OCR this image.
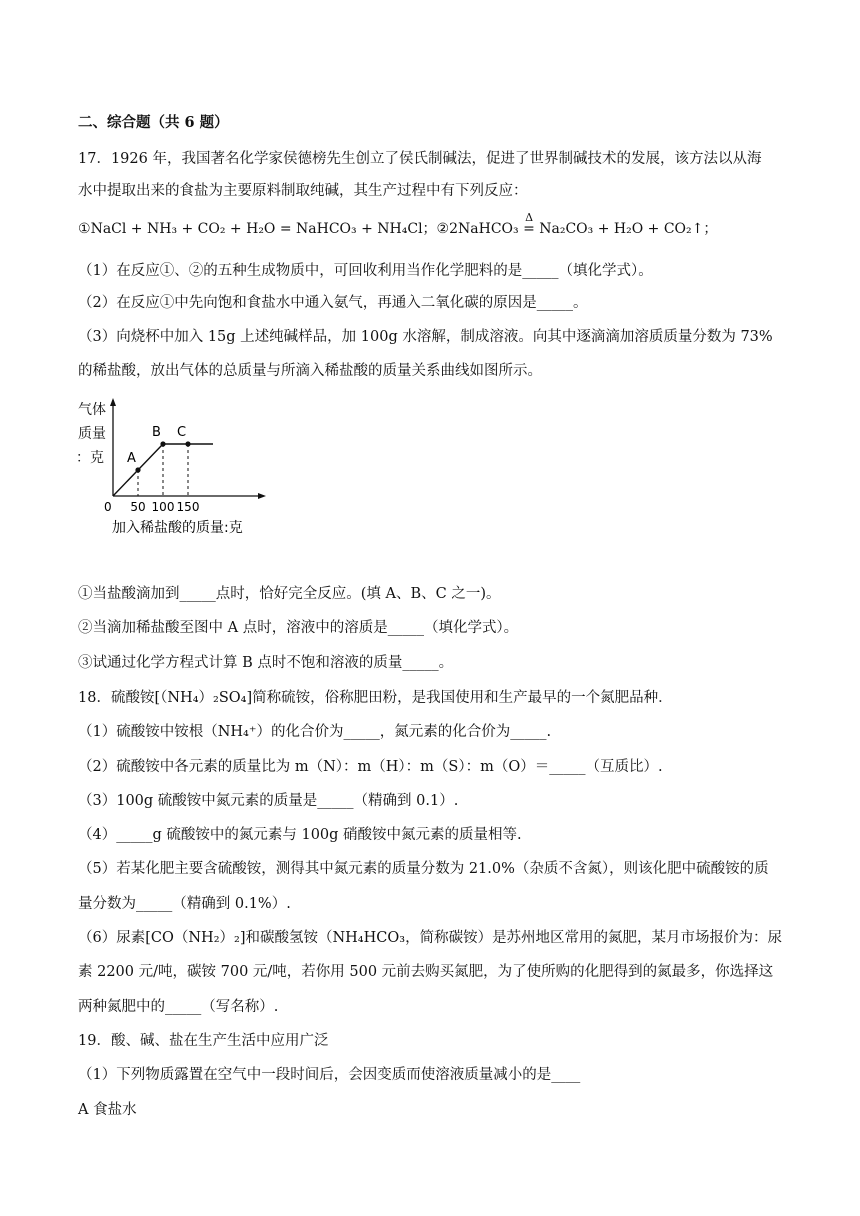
二、综合题（共 6 题）
17．1926 年，我国著名化学家侯德榜先生创立了侯氏制碱法，促进了世界制碱技术的发展，该方法以从海
水中提取出来的食盐为主要原料制取纯碱，其生产过程中有下列反应：
①NaCl + NH₃ + CO₂ + H₂O = NaHCO₃ + NH₄Cl；②2NaHCO₃
Δ
= Na₂CO₃ + H₂O + CO₂↑；
（1）在反应①、②的五种生成物质中，可回收利用当作化学肥料的是_____（填化学式）。
（2）在反应①中先向饱和食盐水中通入氨气，再通入二氧化碳的原因是_____。
（3）向烧杯中加入 15g 上述纯碱样品，加 100g 水溶解，制成溶液。向其中逐滴滴加溶质质量分数为 73%
的稀盐酸，放出气体的总质量与所滴入稀盐酸的质量关系曲线如图所示。
气体
质量
：克
0
A
B C
50 100 150
加入稀盐酸的质量:克
①当盐酸滴加到_____点时，恰好完全反应。(填 A、B、C 之一)。
②当滴加稀盐酸至图中 A 点时，溶液中的溶质是_____（填化学式）。
③试通过化学方程式计算 B 点时不饱和溶液的质量_____。
18．硫酸铵[（NH₄）₂SO₄]简称硫铵，俗称肥田粉，是我国使用和生产最早的一个氮肥品种．
（1）硫酸铵中铵根（NH₄⁺）的化合价为_____，氮元素的化合价为_____.
（2）硫酸铵中各元素的质量比为 m（N）：m（H）：m（S）：m（O）＝_____（互质比）.
（3）100g 硫酸铵中氮元素的质量是_____（精确到 0.1）.
（4）_____g 硫酸铵中的氮元素与 100g 硝酸铵中氮元素的质量相等.
（5）若某化肥主要含硫酸铵，测得其中氮元素的质量分数为 21.0%（杂质不含氮），则该化肥中硫酸铵的质
量分数为_____（精确到 0.1%）.
（6）尿素[CO（NH₂）₂]和碳酸氢铵（NH₄HCO₃，简称碳铵）是苏州地区常用的氮肥，某月市场报价为：尿
素 2200 元/吨，碳铵 700 元/吨，若你用 500 元前去购买氮肥，为了使所购的化肥得到的氮最多，你选择这
两种氮肥中的_____（写名称）.
19．酸、碱、盐在生产生活中应用广泛
（1）下列物质露置在空气中一段时间后，会因变质而使溶液质量减小的是____
A 食盐水
